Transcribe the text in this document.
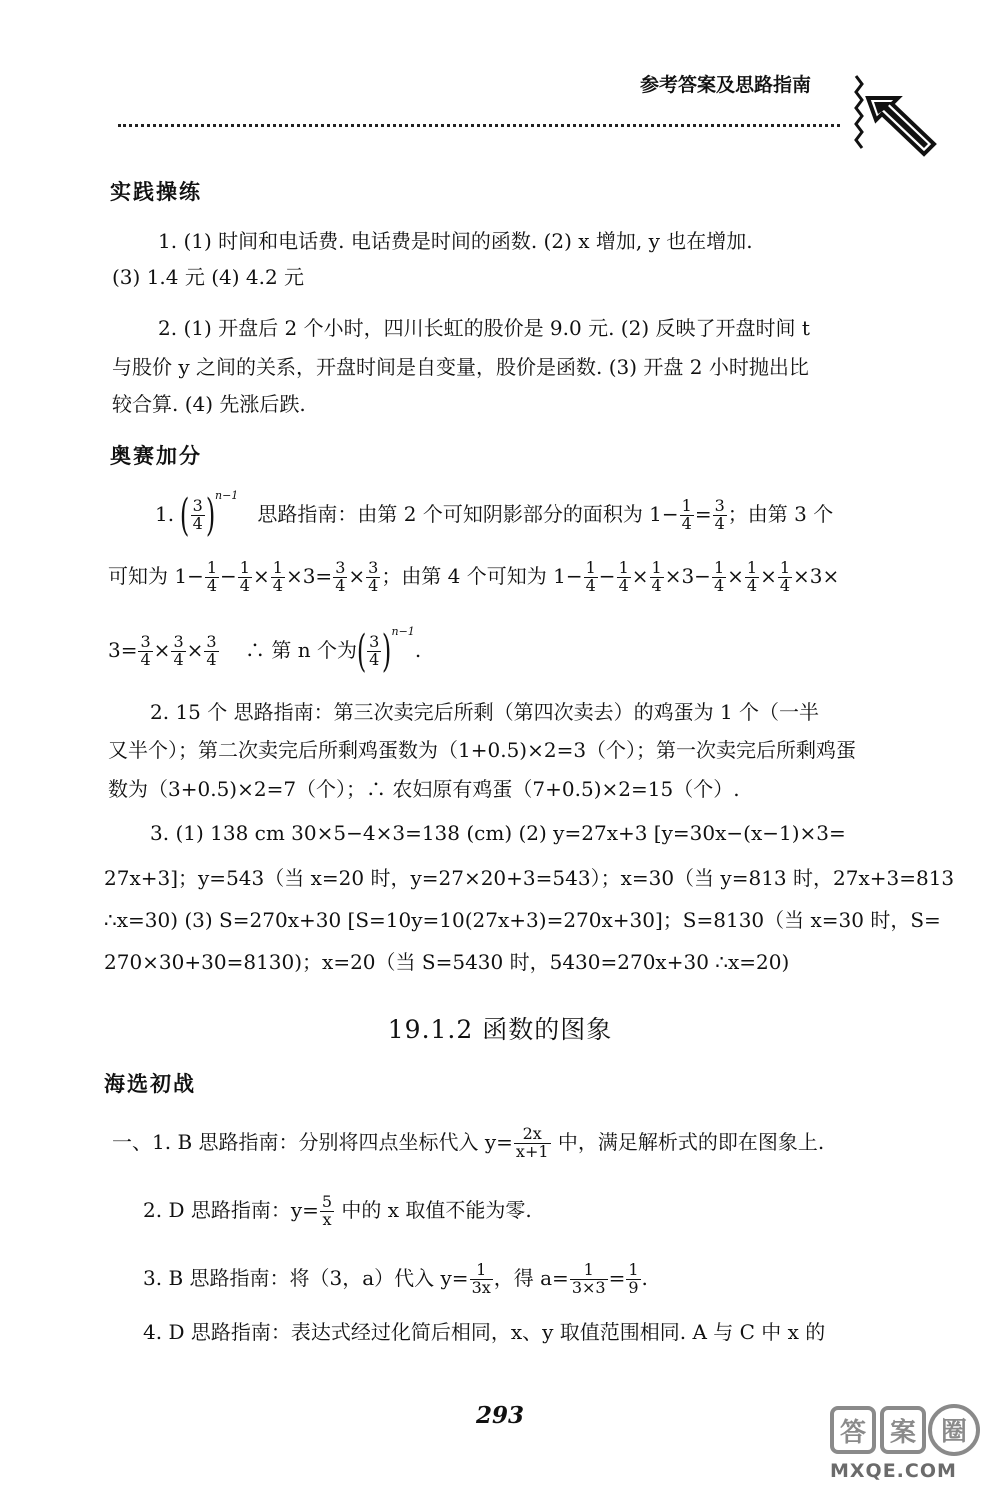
参考答案及思路指南
实践操练
1. (1) 时间和电话费. 电话费是时间的函数. (2) x 增加, y 也在增加.
(3) 1.4 元 (4) 4.2 元
2. (1) 开盘后 2 个小时，四川长虹的股价是 9.0 元. (2) 反映了开盘时间 t
与股价 y 之间的关系，开盘时间是自变量，股价是函数. (3) 开盘 2 小时抛出比
较合算. (4) 先涨后跌.
奥赛加分
1. ( $\frac{3}{4} )^{n-1}$   思路指南：由第 2 个可知阴影部分的面积为 $1- \frac{1}{4} = \frac{3}{4}$ ；由第 3 个
可知为 $1- \frac{1}{4} - \frac{1}{4} \times \frac{1}{4} \times 3= \frac{3}{4} \times \frac{3}{4}$ ；由第 4 个可知为 $1- \frac{1}{4} - \frac{1}{4} \times \frac{1}{4} \times 3- \frac{1}{4} \times \frac{1}{4} \times \frac{1}{4} \times 3\times$
$3= \frac{3}{4} \times \frac{3}{4} \times \frac{3}{4}$ ∴ 第 n 个为( $\frac{3}{4} )^{n-1}$.
2. 15 个 思路指南：第三次卖完后所剩（第四次卖去）的鸡蛋为 1 个（一半
又半个）；第二次卖完后所剩鸡蛋数为（1+0.5)×2=3（个）；第一次卖完后所剩鸡蛋
数为（3+0.5)×2=7（个）；∴ 农妇原有鸡蛋（7+0.5)×2=15（个）.
3. (1) 138 cm 30×5−4×3=138 (cm) (2) y=27x+3 [y=30x−(x−1)×3=
27x+3]；y=543（当 x=20 时，y=27×20+3=543）；x=30（当 y=813 时，27x+3=813
∴x=30) (3) S=270x+30 [S=10y=10(27x+3)=270x+30]；S=8130（当 x=30 时，S=
270×30+30=8130)；x=20（当 S=5430 时，5430=270x+30 ∴x=20)
19.1.2 函数的图象
海选初战
一、1. B 思路指南：分别将四点坐标代入 $y= \frac{2x}{x+1}$ 中，满足解析式的即在图象上.
2. D 思路指南：$y= \frac{5}{x}$ 中的 x 取值不能为零.
3. B 思路指南：将（3，a）代入 $y= \frac{1}{3x}$ ，得 $a= \frac{1}{3\times 3} = \frac{1}{9}$ .
4. D 思路指南：表达式经过化简后相同，x、y 取值范围相同. A 与 C 中 x 的
293
答 案 圈
MXQE.COM
